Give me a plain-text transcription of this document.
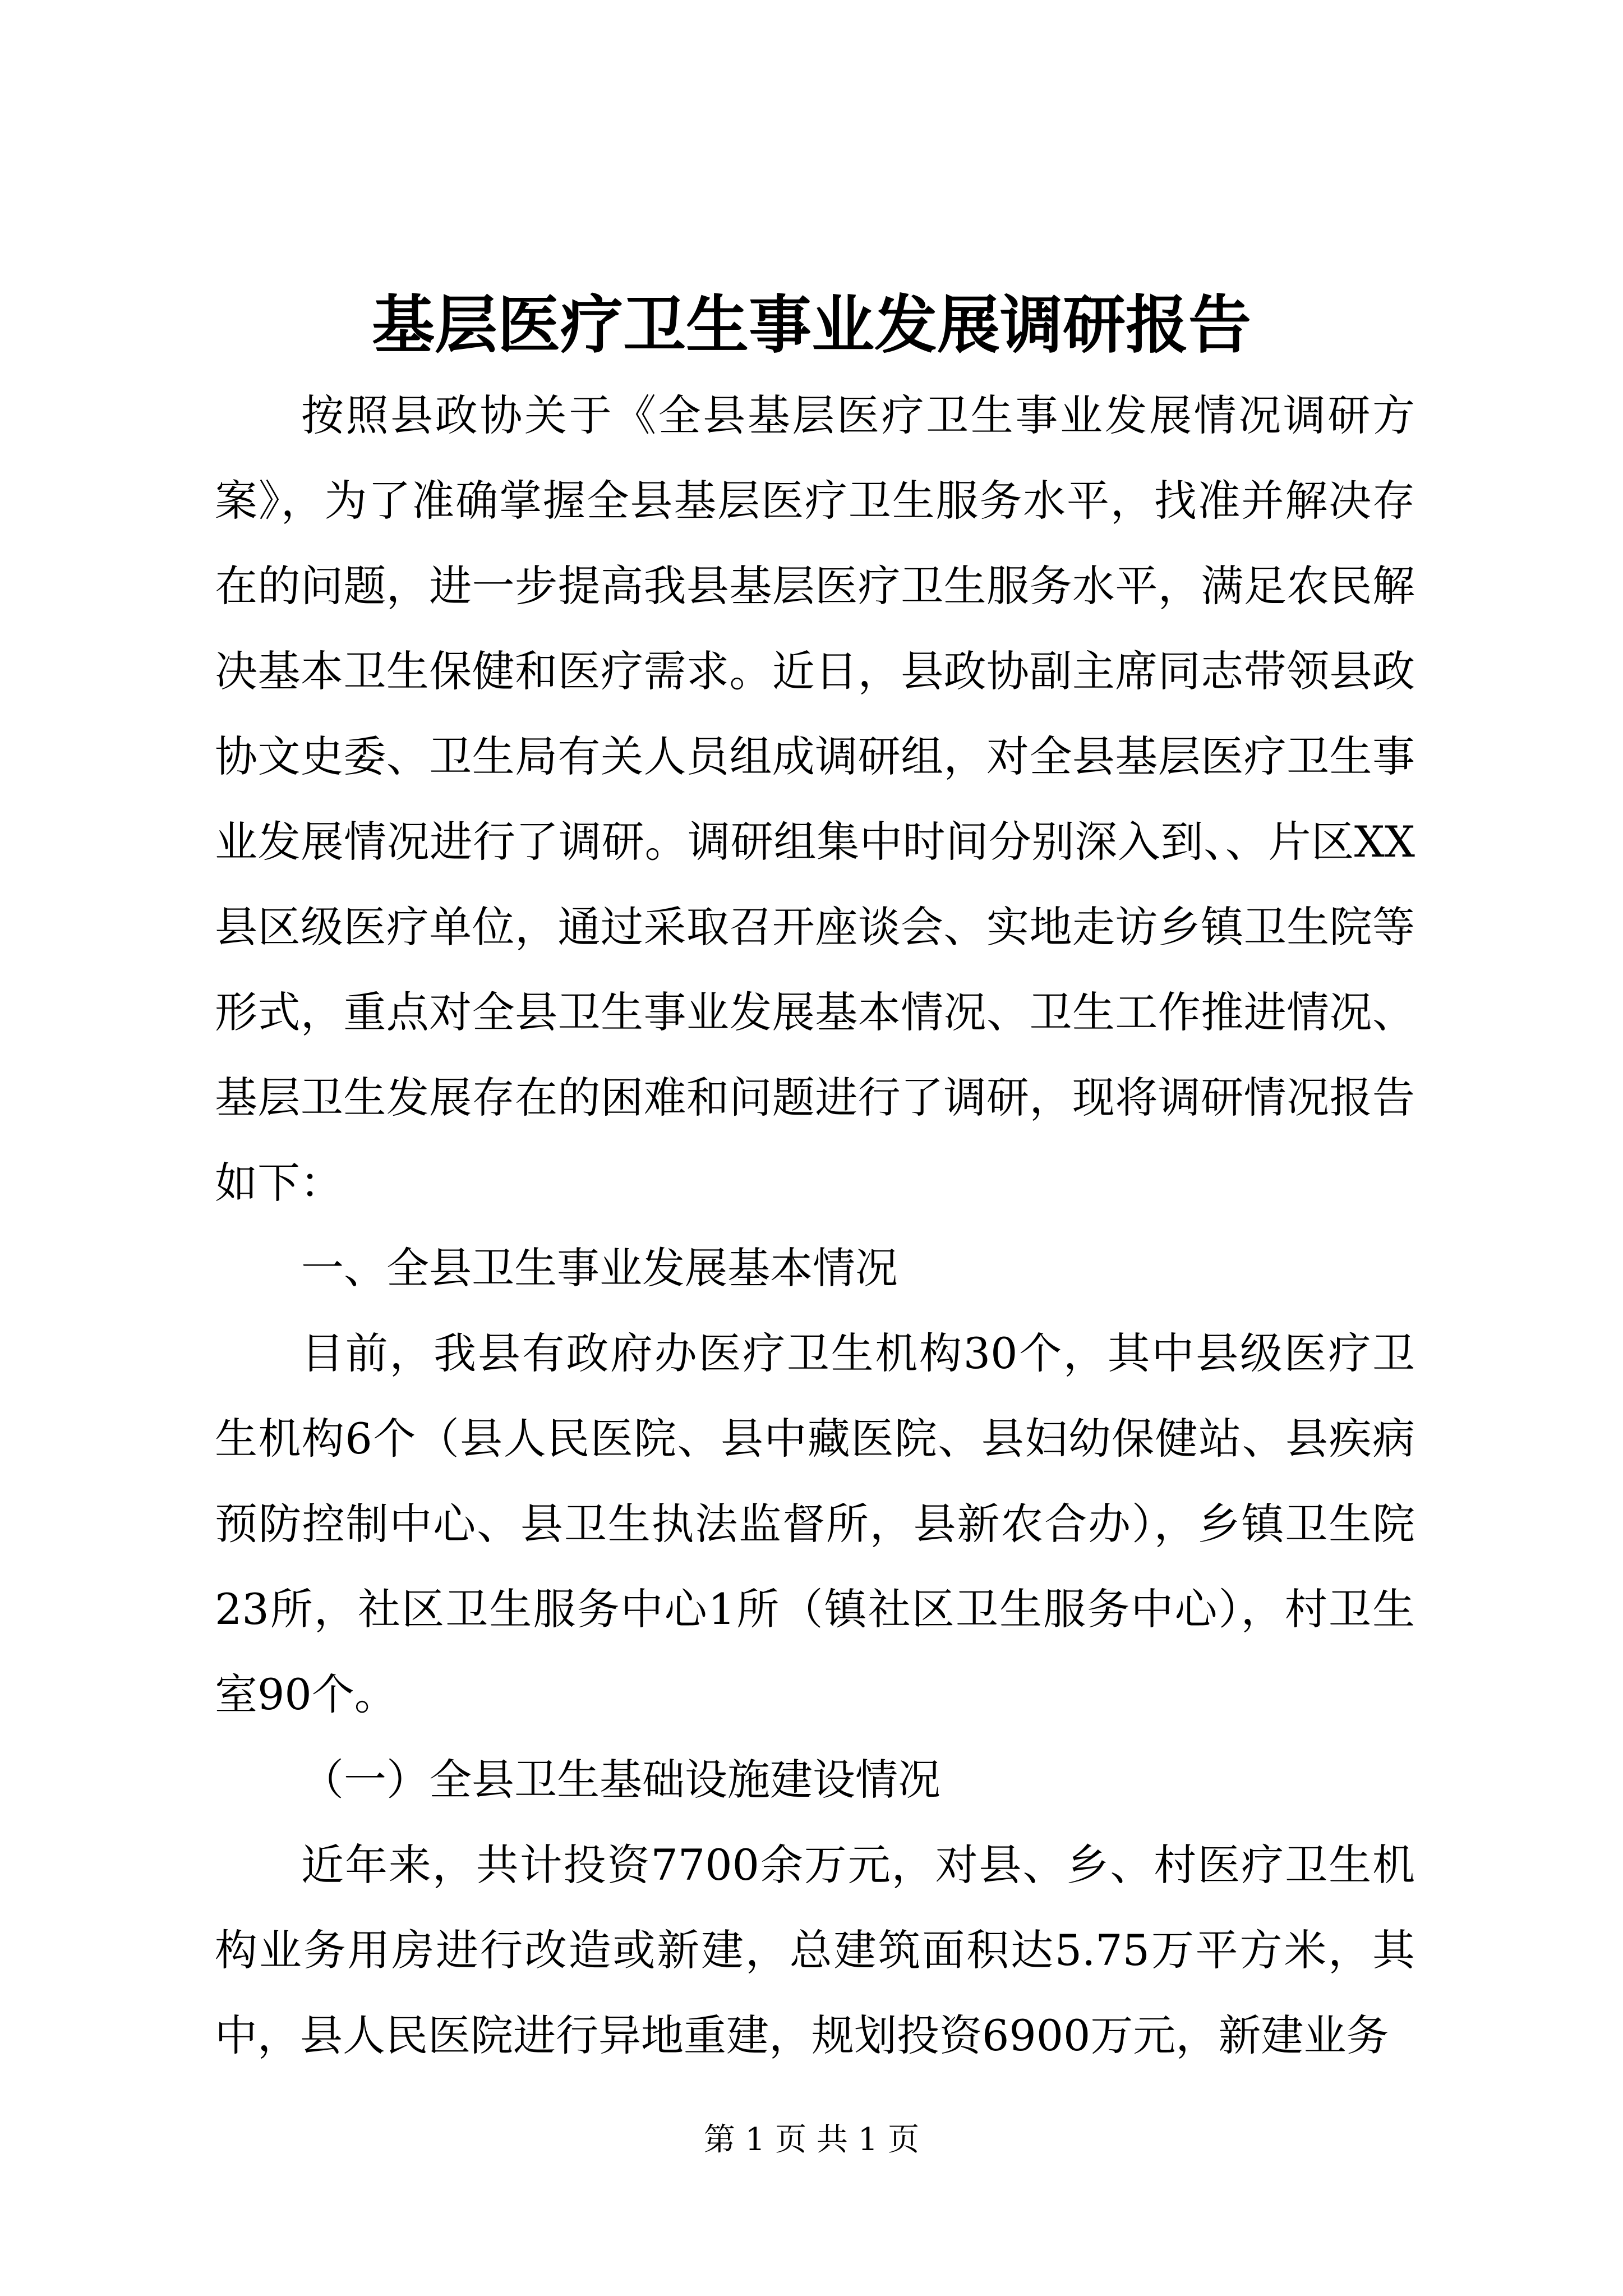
基层医疗卫生事业发展调研报告

按照县政协关于《全县基层医疗卫生事业发展情况调研方案》，为了准确掌握全县基层医疗卫生服务水平，找准并解决存在的问题，进一步提高我县基层医疗卫生服务水平，满足农民解决基本卫生保健和医疗需求。近日，县政协副主席同志带领县政协文史委、卫生局有关人员组成调研组，对全县基层医疗卫生事业发展情况进行了调研。调研组集中时间分别深入到、、片区XX县区级医疗单位，通过采取召开座谈会、实地走访乡镇卫生院等形式，重点对全县卫生事业发展基本情况、卫生工作推进情况、基层卫生发展存在的困难和问题进行了调研，现将调研情况报告如下：

一、全县卫生事业发展基本情况

目前，我县有政府办医疗卫生机构30个，其中县级医疗卫生机构6个（县人民医院、县中藏医院、县妇幼保健站、县疾病预防控制中心、县卫生执法监督所，县新农合办），乡镇卫生院23所，社区卫生服务中心1所（镇社区卫生服务中心），村卫生室90个。

（一）全县卫生基础设施建设情况

近年来，共计投资7700余万元，对县、乡、村医疗卫生机构业务用房进行改造或新建，总建筑面积达5.75万平方米，其中，县人民医院进行异地重建，规划投资6900万元，新建业务

第 1 页 共 1 页
